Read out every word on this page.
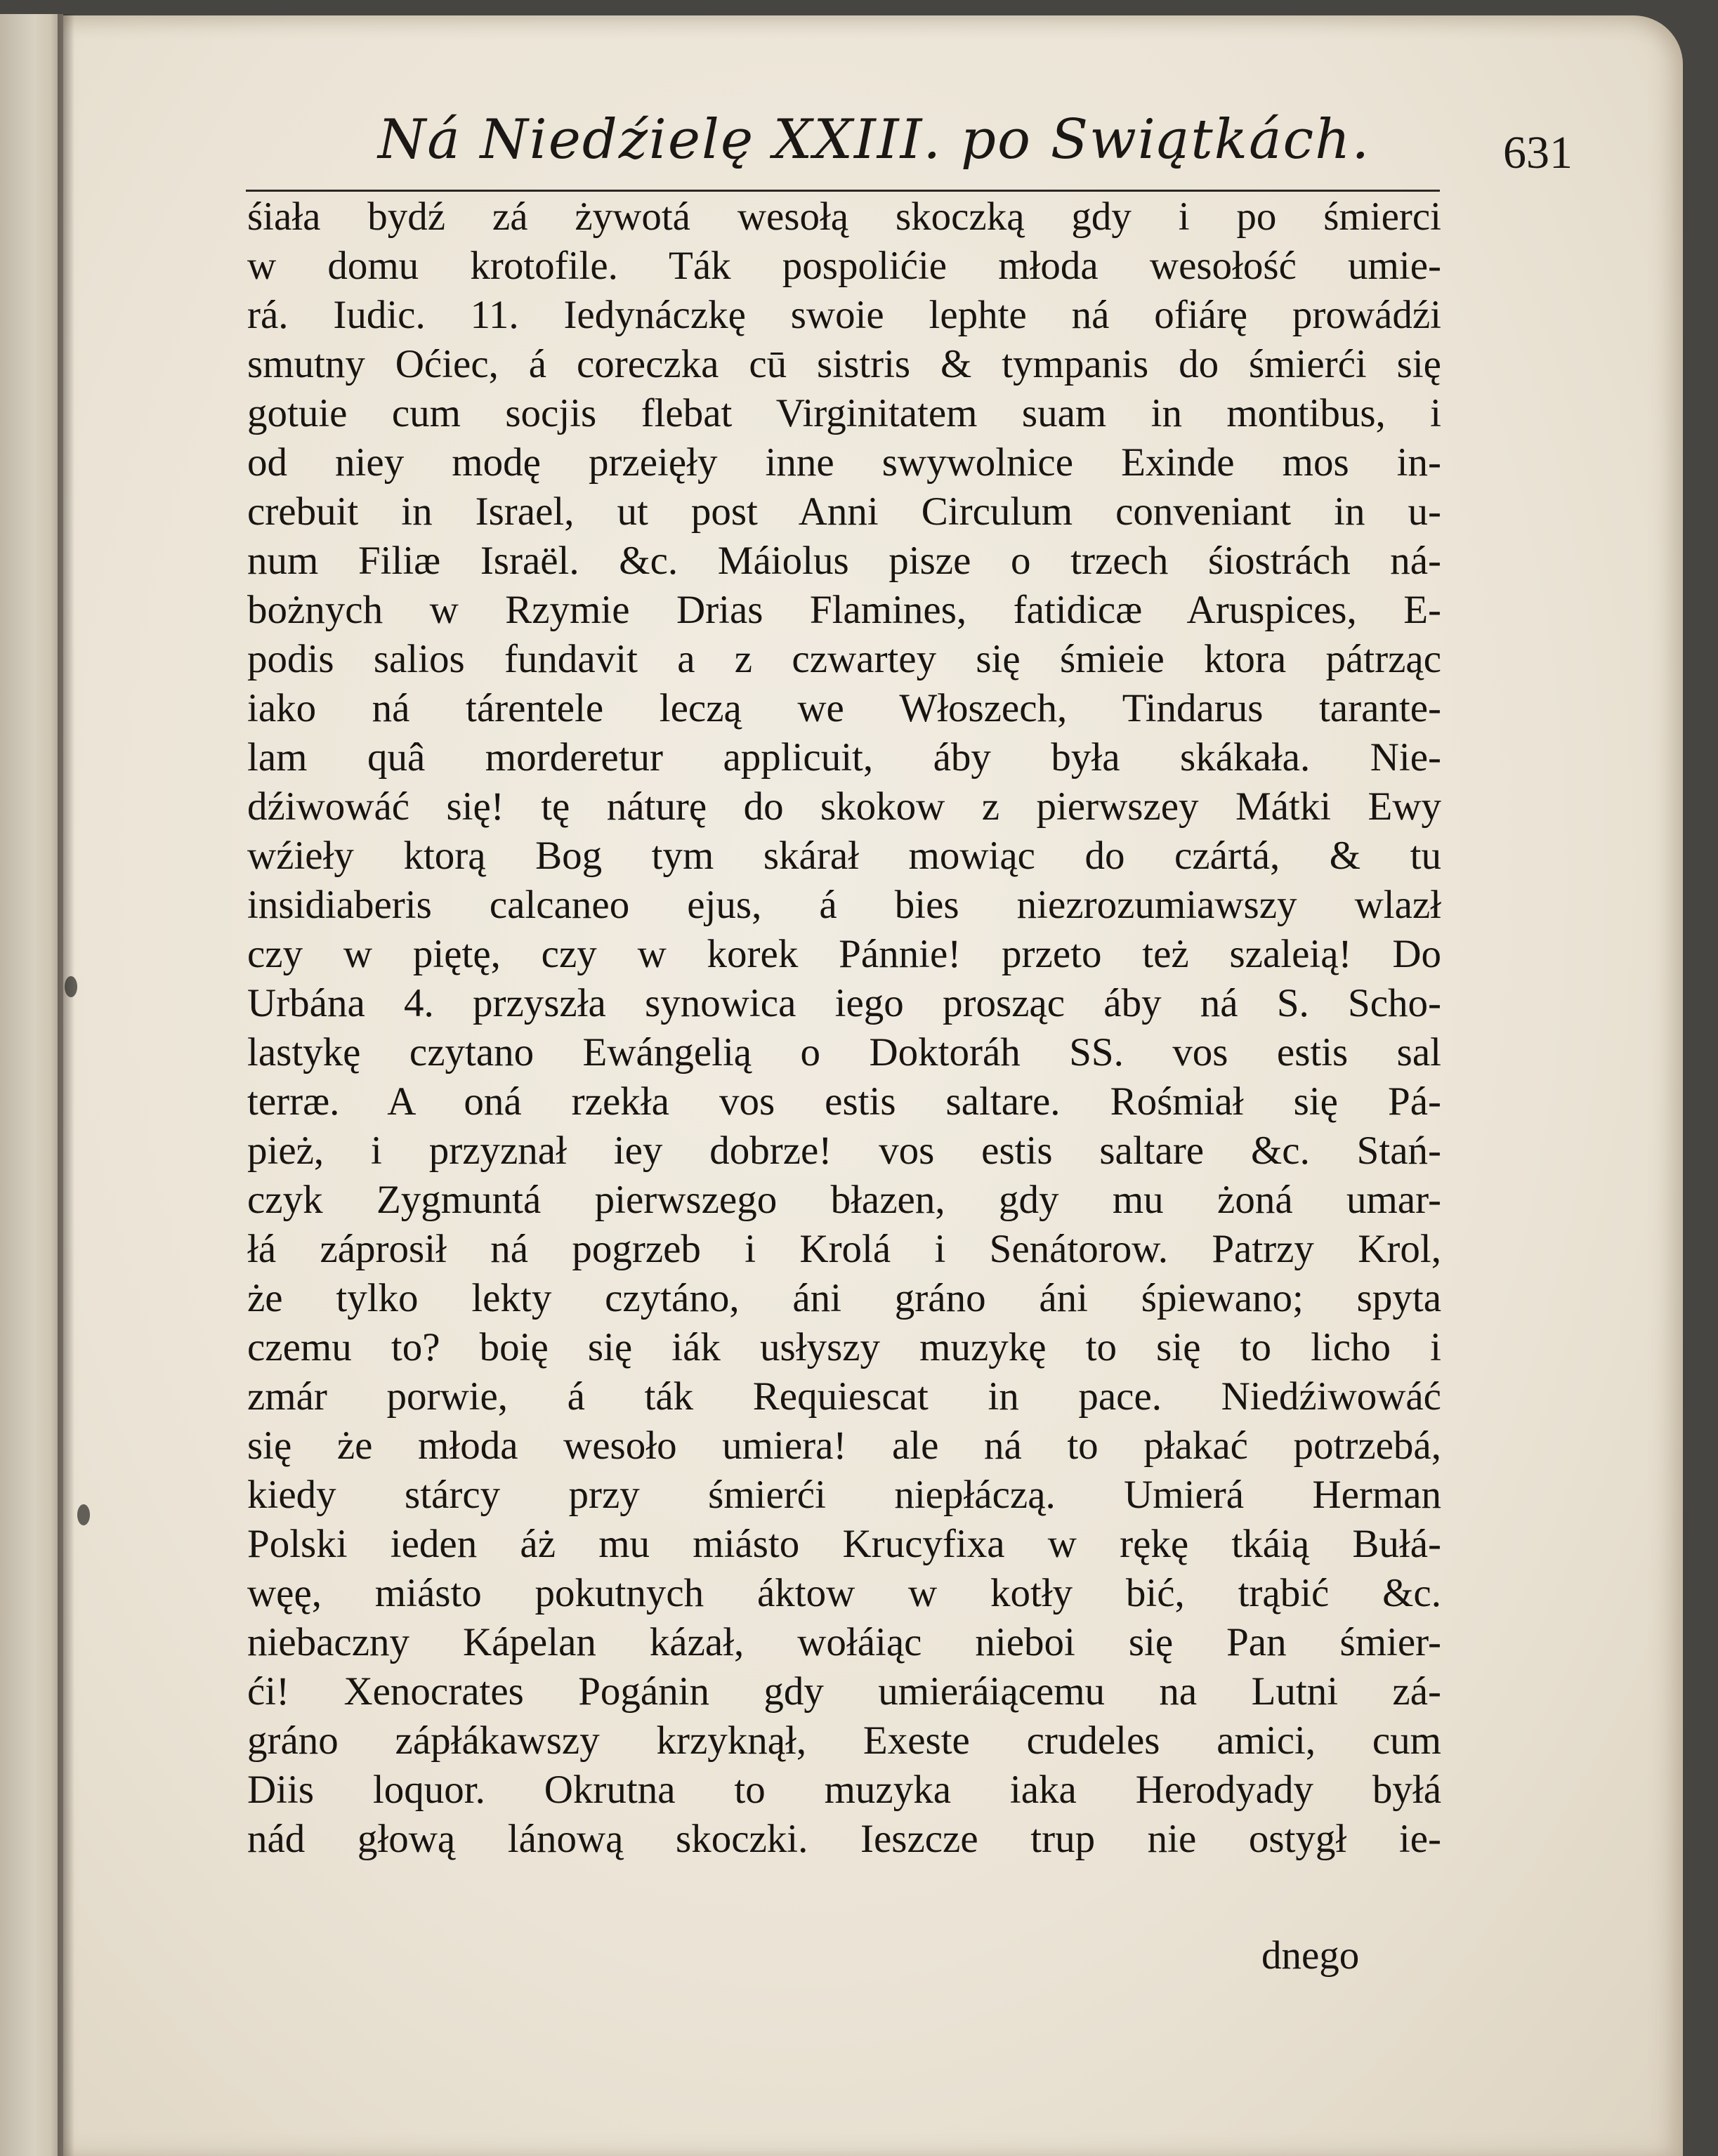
Ná Niedźielę XXIII. po Swiątkách.	631
śiała bydź zá żywotá wesołą skoczką gdy i po śmierci
w domu krotofile. Ták pospolićie młoda wesołość umie-
rá. Iudic. 11. Iedynáczkę swoie lephte ná ofiárę prowádźi
smutny Oćiec, á coreczka cū sistris & tympanis do śmierći się
gotuie cum socjis flebat Virginitatem suam in montibus, i
od niey modę przeięły inne swywolnice Exinde mos in-
crebuit in Israel, ut post Anni Circulum conveniant in u-
num Filiæ Israël. &c. Máiolus pisze o trzech śiostrách ná-
bożnych w Rzymie Drias Flamines, fatidicæ Aruspices, E-
podis salios fundavit a z czwartey się śmieie ktora pátrząc
iako ná tárentele leczą we Włoszech, Tindarus tarante-
lam quâ morderetur applicuit, áby była skákała. Nie-
dźiwowáć się! tę náturę do skokow z pierwszey Mátki Ewy
wźieły ktorą Bog tym skárał mowiąc do czártá, & tu
insidiaberis calcaneo ejus, á bies niezrozumiawszy wlazł
czy w piętę, czy w korek Pánnie! przeto też szaleią! Do
Urbána 4. przyszła synowica iego prosząc áby ná S. Scho-
lastykę czytano Ewángelią o Doktoráh SS. vos estis sal
terræ. A oná rzekła vos estis saltare. Rośmiał się Pá-
pież, i przyznał iey dobrze! vos estis saltare &c. Stań-
czyk Zygmuntá pierwszego błazen, gdy mu żoná umar-
łá záprosił ná pogrzeb i Krolá i Senátorow. Patrzy Krol,
że tylko lekty czytáno, áni gráno áni śpiewano; spyta
czemu to? boię się iák usłyszy muzykę to się to licho i
zmár porwie, á ták Requiescat in pace. Niedźiwowáć
się że młoda wesoło umiera! ale ná to płakać potrzebá,
kiedy stárcy przy śmierći niepłáczą. Umierá Herman
Polski ieden áż mu miásto Krucyfixa w rękę tkáią Bułá-
węę, miásto pokutnych áktow w kotły bić, trąbić &c.
niebaczny Kápelan kázał, wołáiąc nieboi się Pan śmier-
ći! Xenocrates Pogánin gdy umieráiącemu na Lutni zá-
gráno zápłákawszy krzyknął, Exeste crudeles amici, cum
Diis loquor. Okrutna to muzyka iaka Herodyady byłá
nád głową lánową skoczki. Ieszcze trup nie ostygł ie-
dnego
